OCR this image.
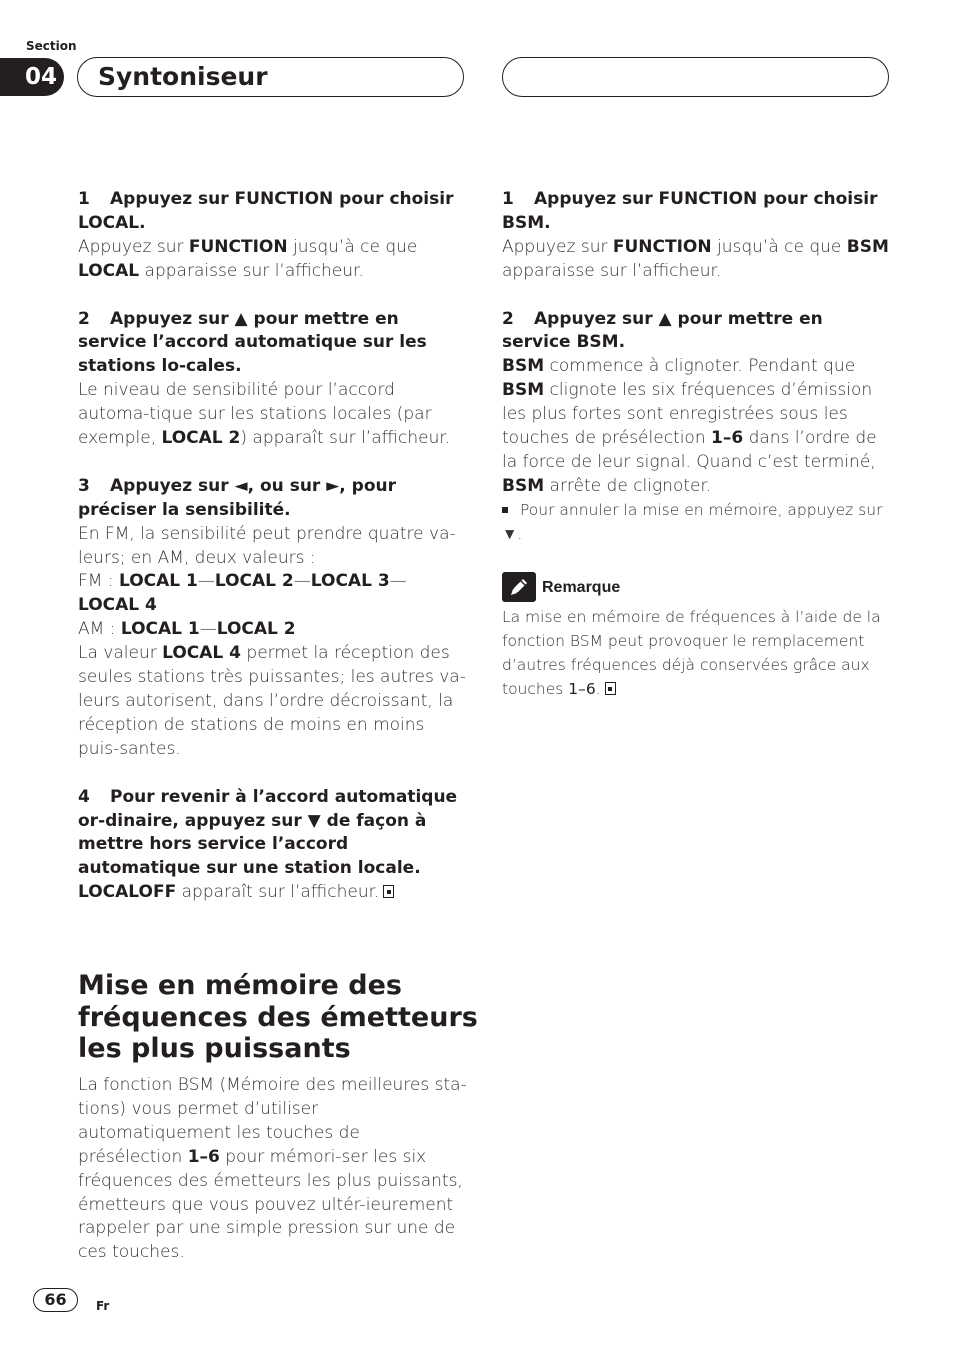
Section
04	Syntoniseur

1 Appuyez sur FUNCTION pour choisir LOCAL.

Appuyez sur FUNCTION jusqu’à ce que LOCAL apparaisse sur l’afficheur.

2 Appuyez sur ▲ pour mettre en service l’accord automatique sur les stations lo-cales.

Le niveau de sensibilité pour l’accord automa-tique sur les stations locales (par exemple, LOCAL 2) apparaît sur l’afficheur.

3 Appuyez sur ◄, ou sur ►, pour préciser la sensibilité.

En FM, la sensibilité peut prendre quatre va-leurs; en AM, deux valeurs :

FM : LOCAL 1—LOCAL 2—LOCAL 3—
LOCAL 4

AM : LOCAL 1—LOCAL 2

La valeur LOCAL 4 permet la réception des seules stations très puissantes; les autres va-leurs autorisent, dans l’ordre décroissant, la réception de stations de moins en moins puis-santes.

4 Pour revenir à l’accord automatique or-dinaire, appuyez sur ▼ de façon à mettre hors service l’accord automatique sur une station locale.

LOCALOFF apparaît sur l’afficheur.

Mise en mémoire des fréquences des émetteurs les plus puissants
La fonction BSM (Mémoire des meilleures sta-tions) vous permet d’utiliser automatiquement les touches de présélection 1–6 pour mémori-ser les six fréquences des émetteurs les plus puissants, émetteurs que vous pouvez ultér-ieurement rappeler par une simple pression sur une de ces touches.

1 Appuyez sur FUNCTION pour choisir BSM.

Appuyez sur FUNCTION jusqu’à ce que BSM apparaisse sur l’afficheur.

2 Appuyez sur ▲ pour mettre en service BSM.

BSM commence à clignoter. Pendant que BSM clignote les six fréquences d’émission les plus fortes sont enregistrées sous les touches de présélection 1–6 dans l’ordre de la force de leur signal. Quand c’est terminé, BSM arrête de clignoter.

Pour annuler la mise en mémoire, appuyez sur ▼.

Remarque

La mise en mémoire de fréquences à l’aide de la fonction BSM peut provoquer le remplacement d’autres fréquences déjà conservées grâce aux touches 1–6.

66	Fr
